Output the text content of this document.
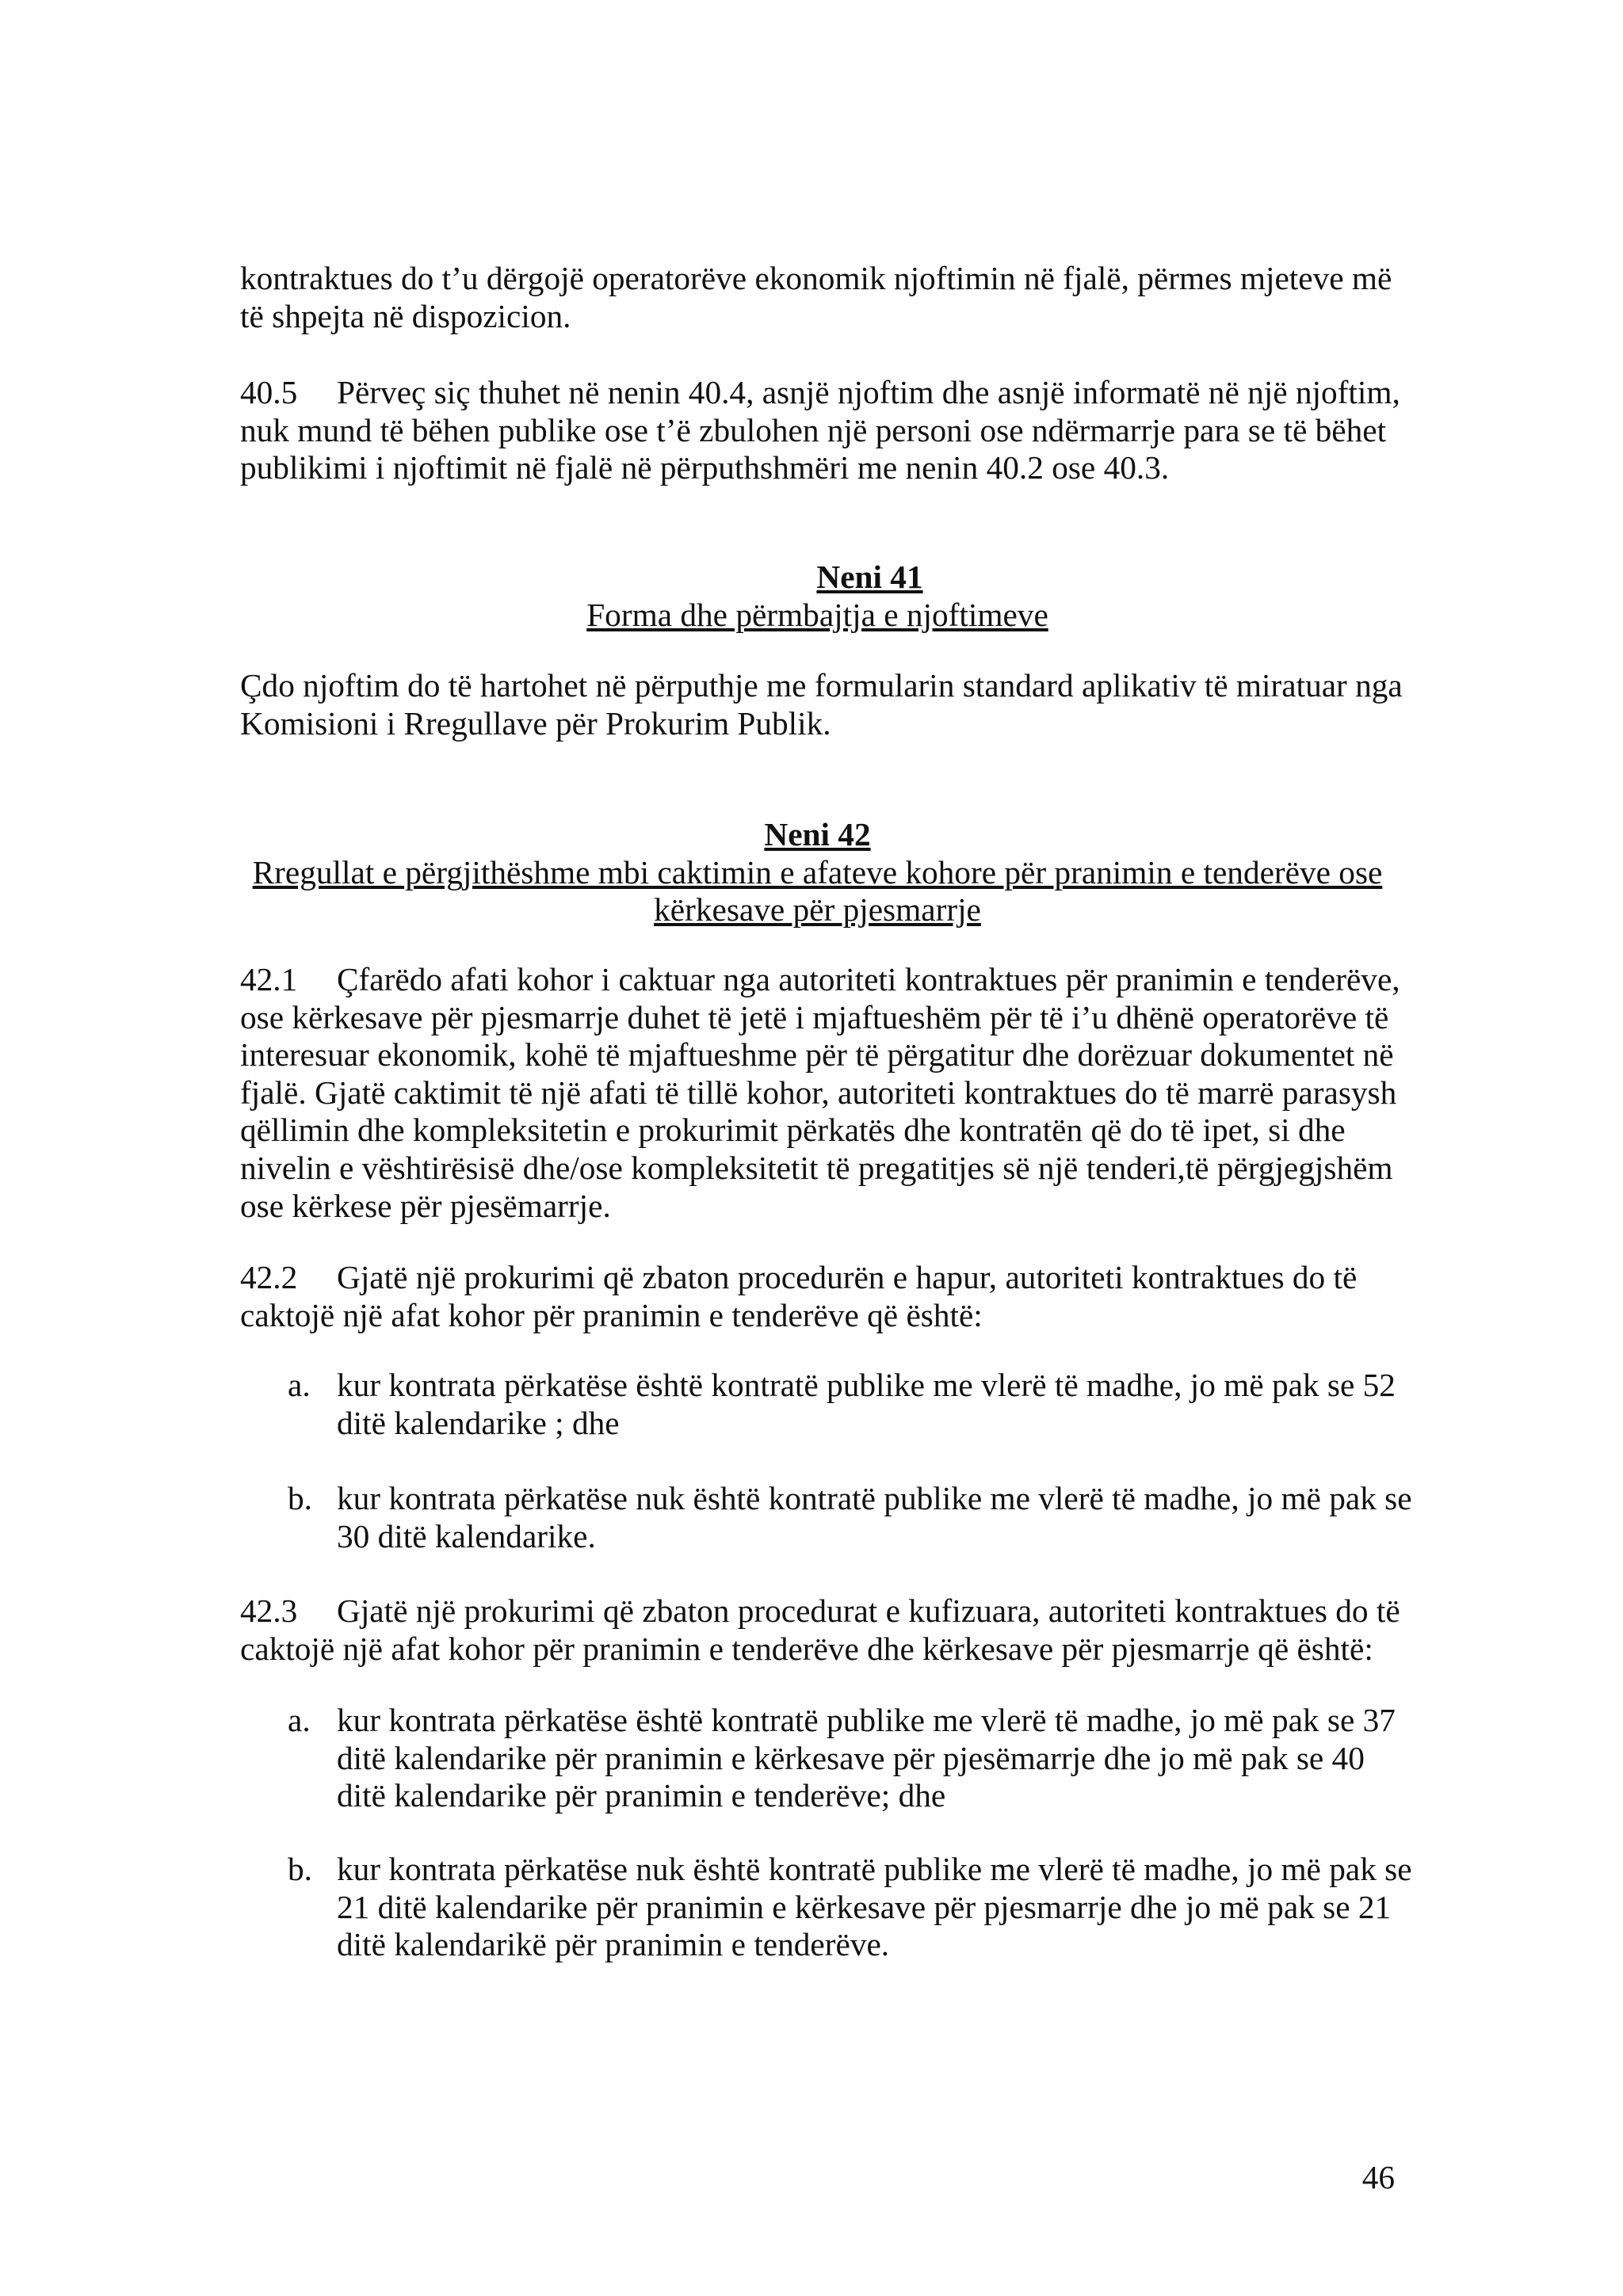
kontraktues do t’u dërgojë operatorëve ekonomik njoftimin në fjalë, përmes mjeteve më
të shpejta në dispozicion.
40.5 Përveç siç thuhet në nenin 40.4, asnjë njoftim dhe asnjë informatë në një njoftim,
nuk mund të bëhen publike ose t’ë zbulohen një personi ose ndërmarrje para se të bëhet
publikimi i njoftimit në fjalë në përputhshmëri me nenin 40.2 ose 40.3.
Neni 41
Forma dhe përmbajtja e njoftimeve
Çdo njoftim do të hartohet në përputhje me formularin standard aplikativ të miratuar nga
Komisioni i Rregullave për Prokurim Publik.
Neni 42
Rregullat e përgjithëshme mbi caktimin e afateve kohore për pranimin e tenderëve ose
kërkesave për pjesmarrje
42.1 Çfarëdo afati kohor i caktuar nga autoriteti kontraktues për pranimin e tenderëve,
ose kërkesave për pjesmarrje duhet të jetë i mjaftueshëm për të i’u dhënë operatorëve të
interesuar ekonomik, kohë të mjaftueshme për të përgatitur dhe dorëzuar dokumentet në
fjalë. Gjatë caktimit të një afati të tillë kohor, autoriteti kontraktues do të marrë parasysh
qëllimin dhe kompleksitetin e prokurimit përkatës dhe kontratën që do të ipet, si dhe
nivelin e vështirësisë dhe/ose kompleksitetit të pregatitjes së një tenderi,të përgjegjshëm
ose kërkese për pjesëmarrje.
42.2 Gjatë një prokurimi që zbaton procedurën e hapur, autoriteti kontraktues do të
caktojë një afat kohor për pranimin e tenderëve që është:
a. kur kontrata përkatëse është kontratë publike me vlerë të madhe, jo më pak se 52
ditë kalendarike ; dhe
b. kur kontrata përkatëse nuk është kontratë publike me vlerë të madhe, jo më pak se
30 ditë kalendarike.
42.3 Gjatë një prokurimi që zbaton procedurat e kufizuara, autoriteti kontraktues do të
caktojë një afat kohor për pranimin e tenderëve dhe kërkesave për pjesmarrje që është:
a. kur kontrata përkatëse është kontratë publike me vlerë të madhe, jo më pak se 37
ditë kalendarike për pranimin e kërkesave për pjesëmarrje dhe jo më pak se 40
ditë kalendarike për pranimin e tenderëve; dhe
b. kur kontrata përkatëse nuk është kontratë publike me vlerë të madhe, jo më pak se
21 ditë kalendarike për pranimin e kërkesave për pjesmarrje dhe jo më pak se 21
ditë kalendarikë për pranimin e tenderëve.
46
